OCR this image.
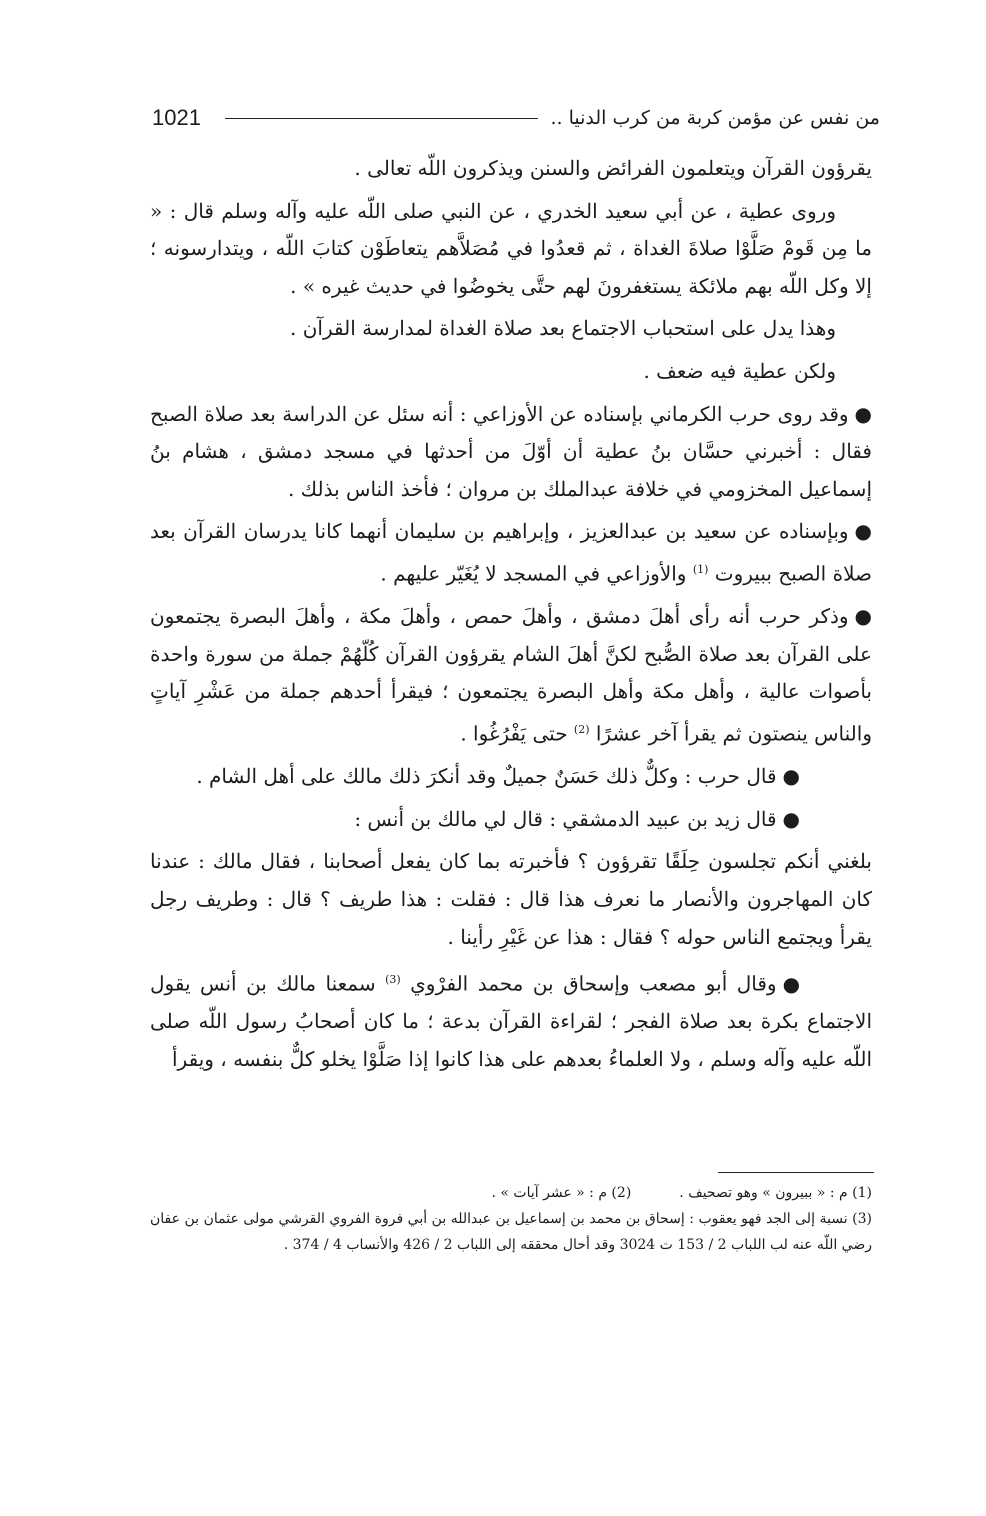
1021	من نفس عن مؤمن كربة من كرب الدنيا ..

يقرؤون القرآن ويتعلمون الفرائض والسنن ويذكرون اللّه تعالى .

وروى عطية ، عن أبي سعيد الخدري ، عن النبي صلى اللّه عليه وآله وسلم قال : « ما مِن قَومْ صَلَّوْا صلاةَ الغداة ، ثم قعدُوا في مُصَلاَّهم يتعاطَوْن كتابَ اللّه ، ويتدارسونه ؛ إلا وكل اللّه بهم ملائكة يستغفرونَ لهم حتَّى يخوضُوا في حديث غيره » .

وهذا يدل على استحباب الاجتماع بعد صلاة الغداة لمدارسة القرآن .

ولكن عطية فيه ضعف .

●وقد روى حرب الكرماني بإسناده عن الأوزاعي : أنه سئل عن الدراسة بعد صلاة الصبح فقال : أخبرني حسَّان بنُ عطية أن أوّلَ من أحدثها في مسجد دمشق ، هشام بنُ إسماعيل المخزومي في خلافة عبدالملك بن مروان ؛ فأخذ الناس بذلك .

●وبإسناده عن سعيد بن عبدالعزيز ، وإبراهيم بن سليمان أنهما كانا يدرسان القرآن بعد صلاة الصبح ببيروت $^{(1)}$ والأوزاعي في المسجد لا يُغَيّر عليهم .

●وذكر حرب أنه رأى أهلَ دمشق ، وأهلَ حمص ، وأهلَ مكة ، وأهلَ البصرة يجتمعون على القرآن بعد صلاة الصُّبح لكنَّ أهلَ الشام يقرؤون القرآن كُلّهُمْ جملة من سورة واحدة بأصوات عالية ، وأهل مكة وأهل البصرة يجتمعون ؛ فيقرأ أحدهم جملة من عَشْرِ آياتٍ والناس ينصتون ثم يقرأ آخر عشرًا $^{(2)}$ حتى يَفْرُغُوا .

●قال حرب : وكلٌّ ذلك حَسَنٌ جميلٌ وقد أنكرَ ذلك مالك على أهل الشام .

●قال زيد بن عبيد الدمشقي : قال لي مالك بن أنس :

بلغني أنكم تجلسون حِلَقًا تقرؤون ؟ فأخبرته بما كان يفعل أصحابنا ، فقال مالك : عندنا كان المهاجرون والأنصار ما نعرف هذا قال : فقلت : هذا طريف ؟ قال : وطريف رجل يقرأ ويجتمع الناس حوله ؟ فقال : هذا عن غَيْرِ رأينا .

●وقال أبو مصعب وإسحاق بن محمد الفرْوي $^{(3)}$ سمعنا مالك بن أنس يقول الاجتماع بكرة بعد صلاة الفجر ؛ لقراءة القرآن بدعة ؛ ما كان أصحابُ رسول اللّه صلى اللّه عليه وآله وسلم ، ولا العلماءُ بعدهم على هذا كانوا إذا صَلَّوْا يخلو كلٌّ بنفسه ، ويقرأ

(1) م : « ببيرون » وهو تصحيف .
(2) م : « عشر آيات » .

(3) نسبة إلى الجد فهو يعقوب : إسحاق بن محمد بن إسماعيل بن عبدالله بن أبي فروة الفروي القرشي مولى عثمان بن عفان رضي اللّه عنه لب اللباب 2 / 153 ت 3024 وقد أحال محققه إلى اللباب 2 / 426 والأنساب 4 / 374 .
